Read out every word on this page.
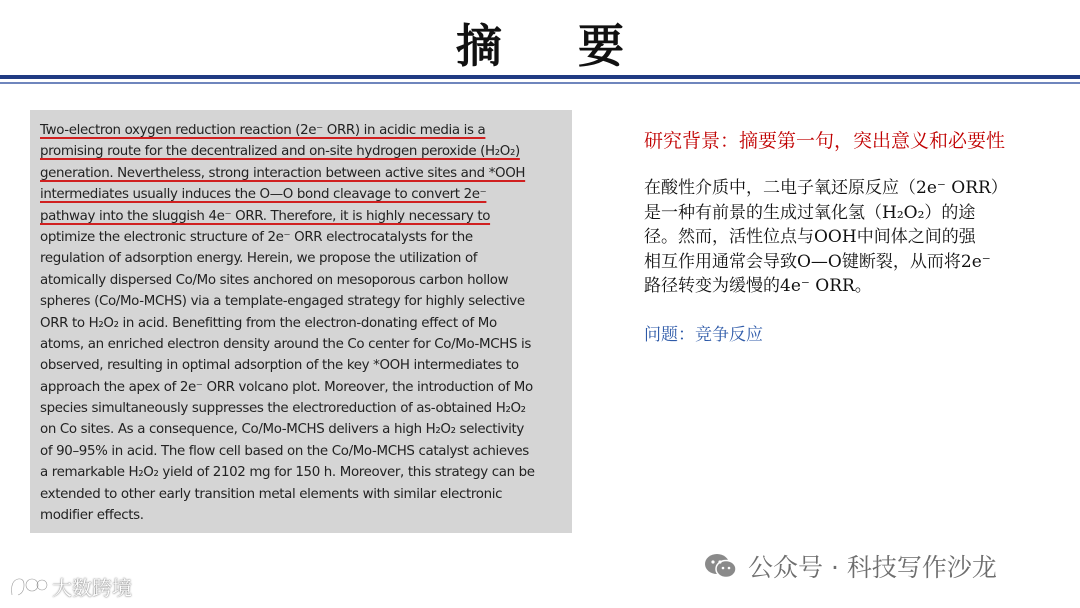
摘 要
Two-electron oxygen reduction reaction (2e⁻ ORR) in acidic media is a
promising route for the decentralized and on-site hydrogen peroxide (H₂O₂)
generation. Nevertheless, strong interaction between active sites and *OOH
intermediates usually induces the O—O bond cleavage to convert 2e⁻
pathway into the sluggish 4e⁻ ORR. Therefore, it is highly necessary to
optimize the electronic structure of 2e⁻ ORR electrocatalysts for the
regulation of adsorption energy. Herein, we propose the utilization of
atomically dispersed Co/Mo sites anchored on mesoporous carbon hollow
spheres (Co/Mo-MCHS) via a template-engaged strategy for highly selective
ORR to H₂O₂ in acid. Benefitting from the electron-donating effect of Mo
atoms, an enriched electron density around the Co center for Co/Mo-MCHS is
observed, resulting in optimal adsorption of the key *OOH intermediates to
approach the apex of 2e⁻ ORR volcano plot. Moreover, the introduction of Mo
species simultaneously suppresses the electroreduction of as-obtained H₂O₂
on Co sites. As a consequence, Co/Mo-MCHS delivers a high H₂O₂ selectivity
of 90–95% in acid. The flow cell based on the Co/Mo-MCHS catalyst achieves
a remarkable H₂O₂ yield of 2102 mg for 150 h. Moreover, this strategy can be
extended to other early transition metal elements with similar electronic
modifier effects.
研究背景：摘要第一句，突出意义和必要性
在酸性介质中，二电子氧还原反应（2e⁻ ORR）
是一种有前景的生成过氧化氢（H₂O₂）的途
径。然而，活性位点与OOH中间体之间的强
相互作用通常会导致O—O键断裂，从而将2e⁻
路径转变为缓慢的4e⁻ ORR。
问题：竞争反应
公众号 · 科技写作沙龙
大数跨境
